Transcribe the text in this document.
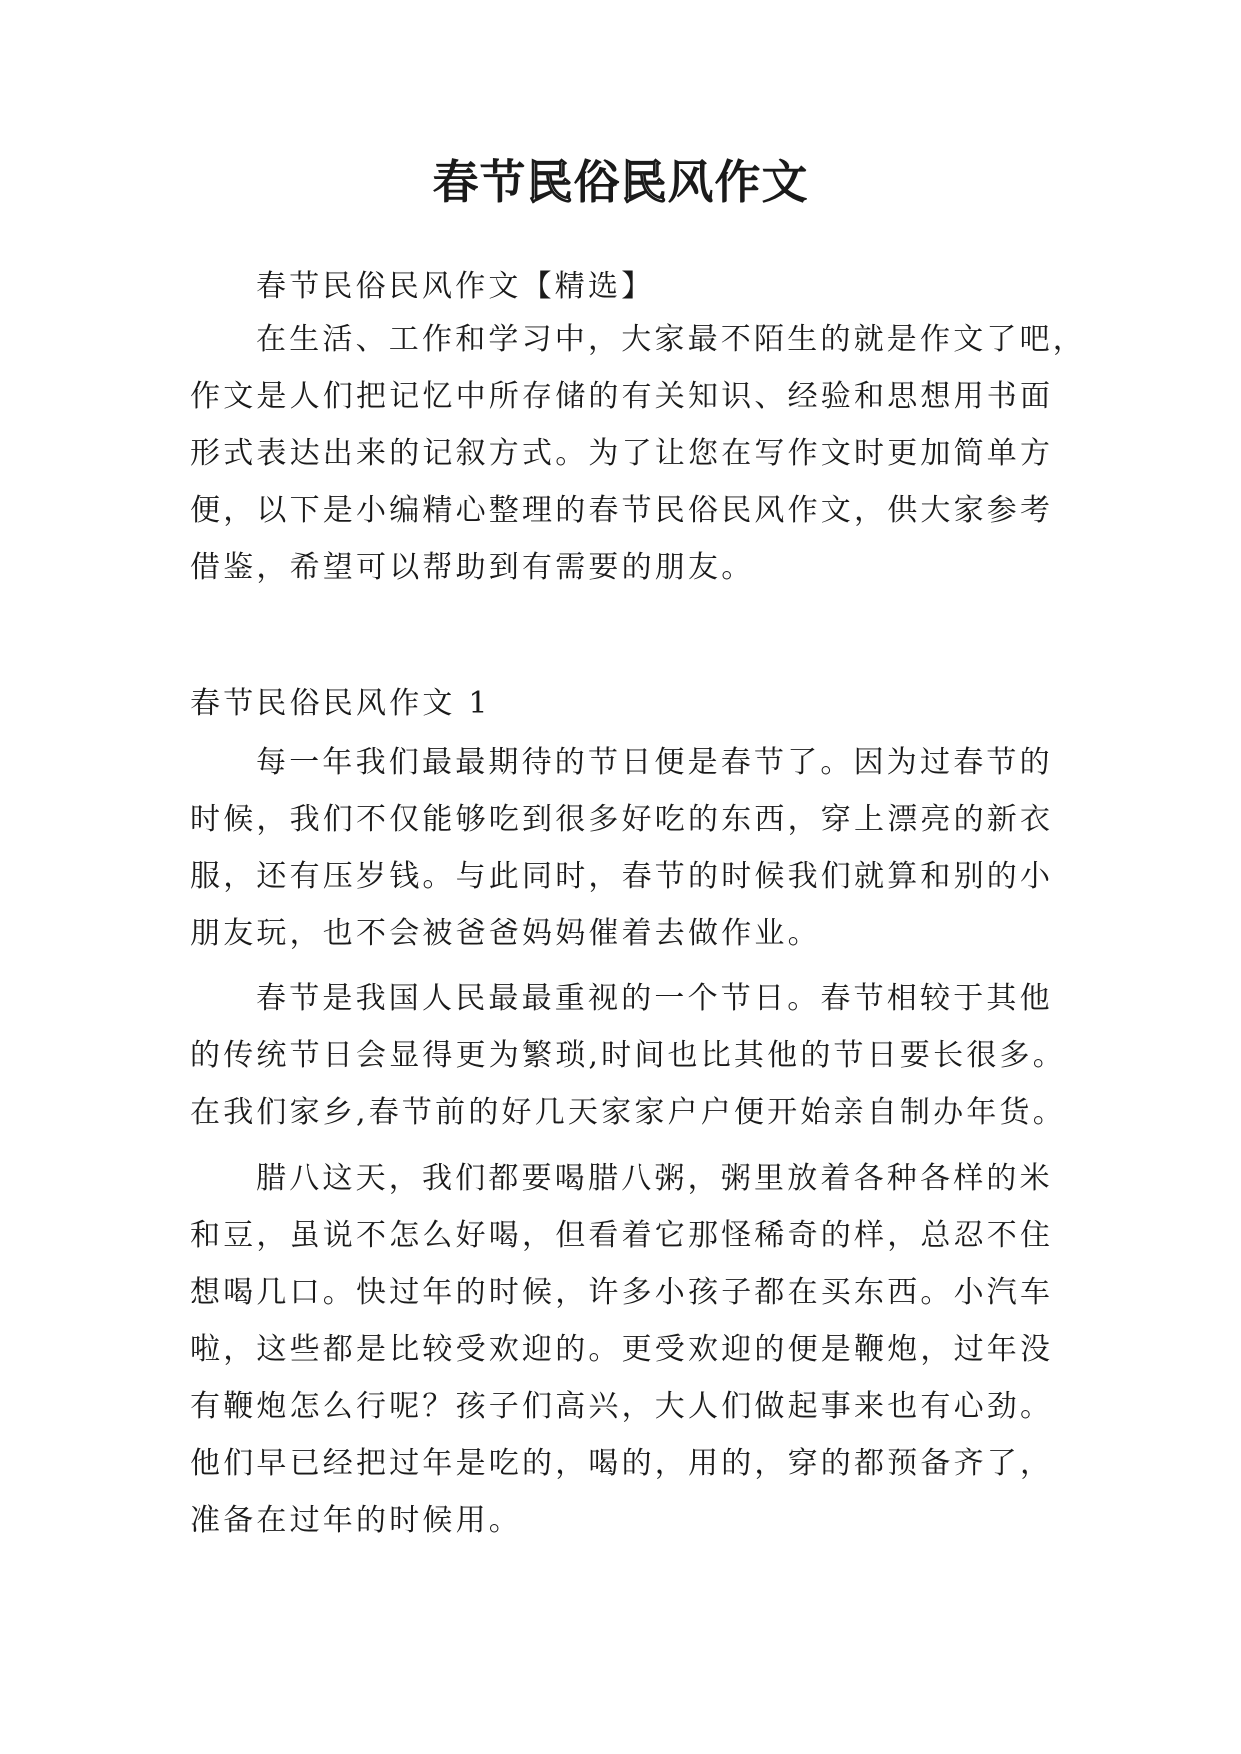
春节民俗民风作文
春节民俗民风作文【精选】
在生活、工作和学习中，大家最不陌生的就是作文了吧，
作文是人们把记忆中所存储的有关知识、经验和思想用书面
形式表达出来的记叙方式。为了让您在写作文时更加简单方
便，以下是小编精心整理的春节民俗民风作文，供大家参考
借鉴，希望可以帮助到有需要的朋友。
春节民俗民风作文 1
每一年我们最最期待的节日便是春节了。因为过春节的
时候，我们不仅能够吃到很多好吃的东西，穿上漂亮的新衣
服，还有压岁钱。与此同时，春节的时候我们就算和别的小
朋友玩，也不会被爸爸妈妈催着去做作业。
春节是我国人民最最重视的一个节日。春节相较于其他
的传统节日会显得更为繁琐,时间也比其他的节日要长很多。
在我们家乡,春节前的好几天家家户户便开始亲自制办年货。
腊八这天，我们都要喝腊八粥，粥里放着各种各样的米
和豆，虽说不怎么好喝，但看着它那怪稀奇的样，总忍不住
想喝几口。快过年的时候，许多小孩子都在买东西。小汽车
啦，这些都是比较受欢迎的。更受欢迎的便是鞭炮，过年没
有鞭炮怎么行呢？孩子们高兴，大人们做起事来也有心劲。
他们早已经把过年是吃的，喝的，用的，穿的都预备齐了，
准备在过年的时候用。
